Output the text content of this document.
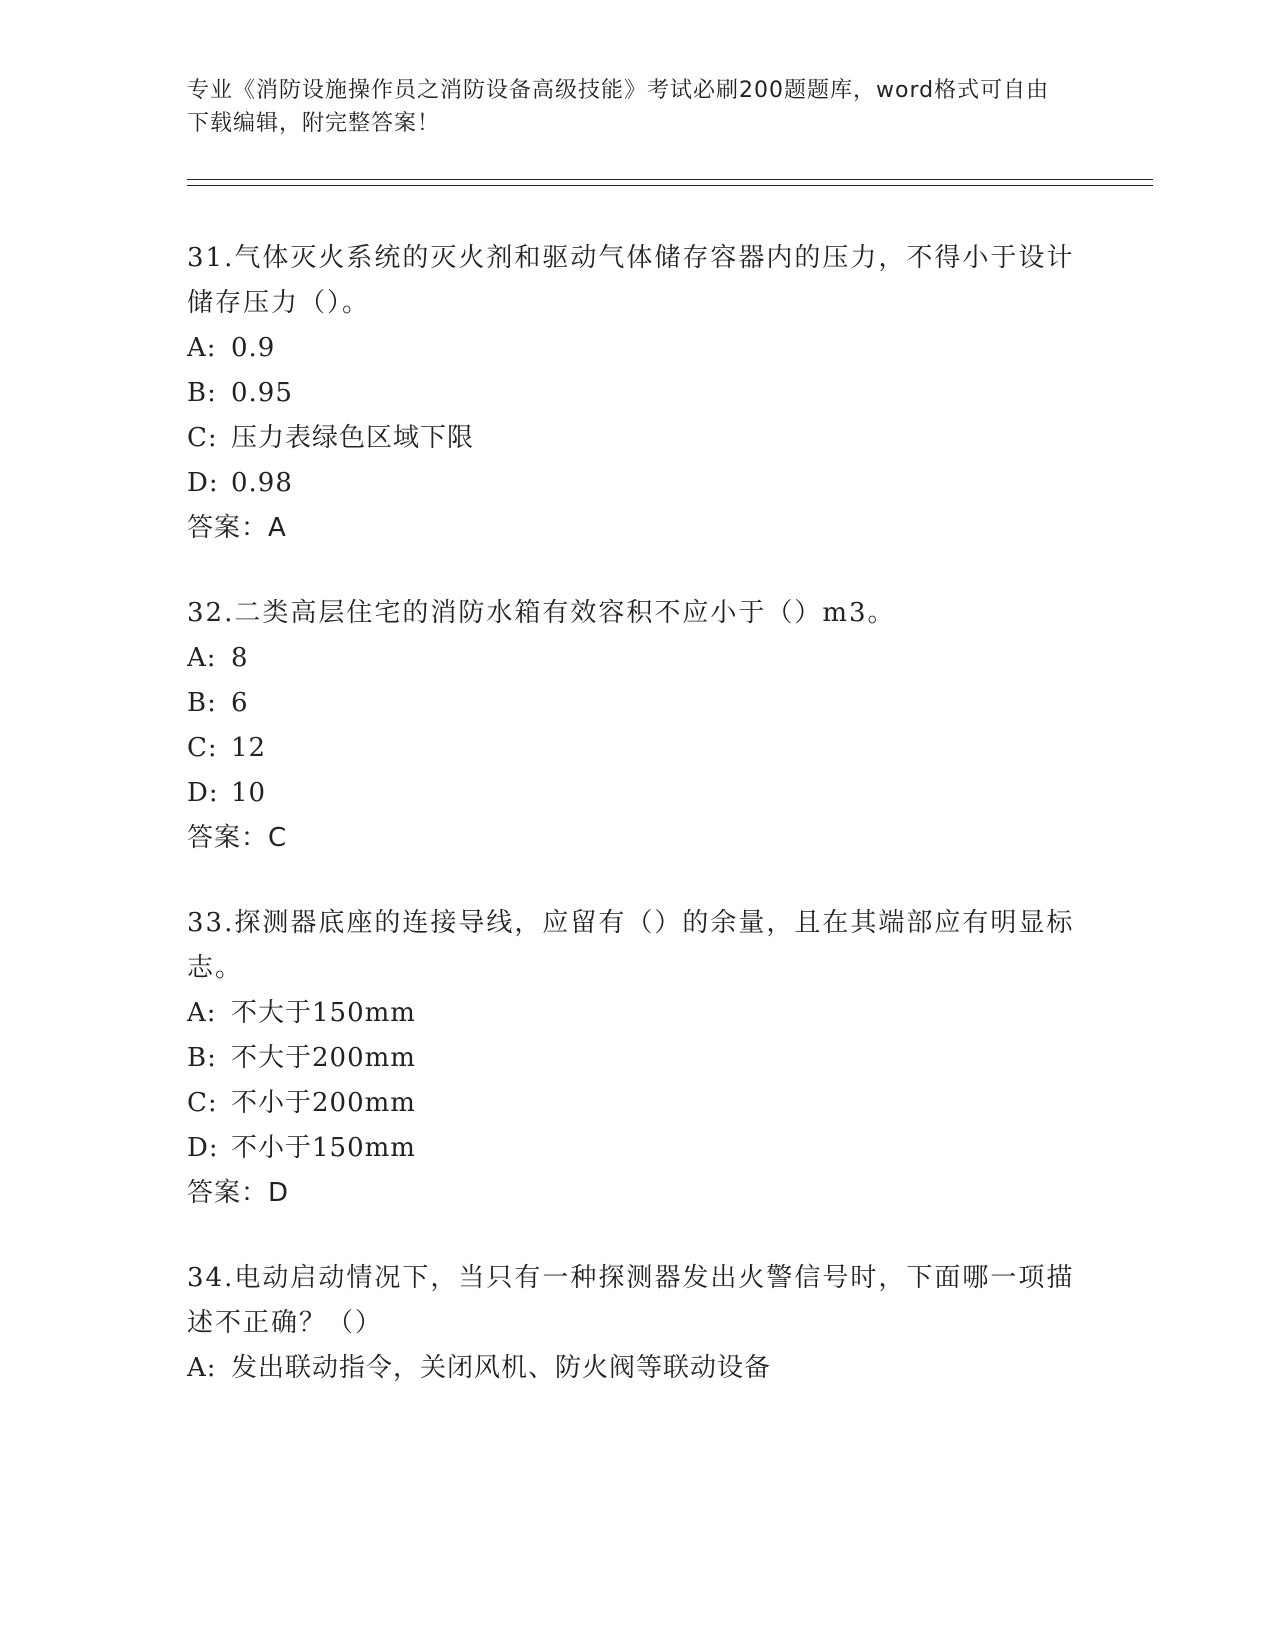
专业《消防设施操作员之消防设备高级技能》考试必刷200题题库，word格式可自由下载编辑，附完整答案！

31.气体灭火系统的灭火剂和驱动气体储存容器内的压力，不得小于设计储存压力（）。

A: 0.9
B: 0.95
C: 压力表绿色区域下限
D: 0.98
答案：A

32.二类高层住宅的消防水箱有效容积不应小于（）m3。

A: 8
B: 6
C: 12
D: 10
答案：C

33.探测器底座的连接导线，应留有（）的余量，且在其端部应有明显标志。

A: 不大于150mm
B: 不大于200mm
C: 不小于200mm
D: 不小于150mm
答案：D

34.电动启动情况下，当只有一种探测器发出火警信号时，下面哪一项描述不正确？（）

A: 发出联动指令，关闭风机、防火阀等联动设备
